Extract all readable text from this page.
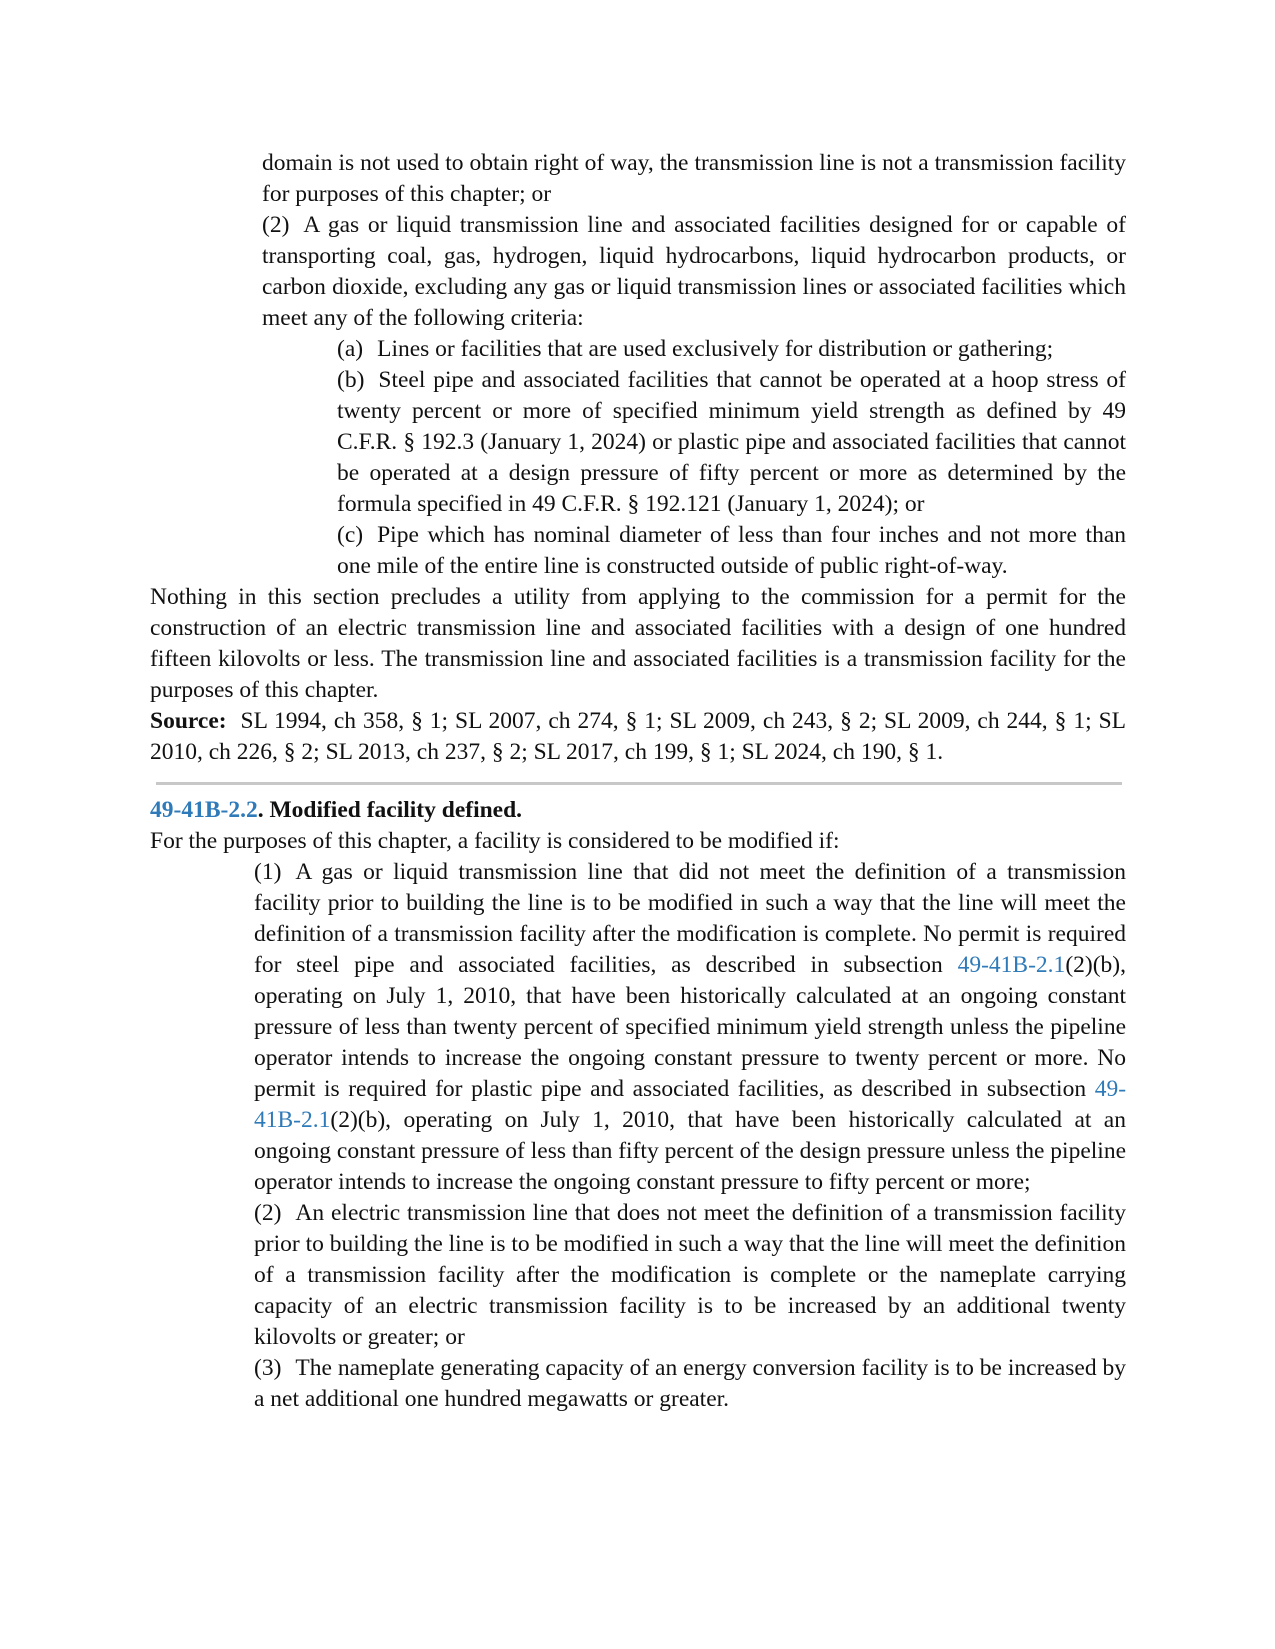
domain is not used to obtain right of way, the transmission line is not a transmission facility for purposes of this chapter; or

(2) A gas or liquid transmission line and associated facilities designed for or capable of transporting coal, gas, hydrogen, liquid hydrocarbons, liquid hydrocarbon products, or carbon dioxide, excluding any gas or liquid transmission lines or associated facilities which meet any of the following criteria:

(a) Lines or facilities that are used exclusively for distribution or gathering;

(b) Steel pipe and associated facilities that cannot be operated at a hoop stress of twenty percent or more of specified minimum yield strength as defined by 49 C.F.R. § 192.3 (January 1, 2024) or plastic pipe and associated facilities that cannot be operated at a design pressure of fifty percent or more as determined by the formula specified in 49 C.F.R. § 192.121 (January 1, 2024); or

(c) Pipe which has nominal diameter of less than four inches and not more than one mile of the entire line is constructed outside of public right-of-way.

Nothing in this section precludes a utility from applying to the commission for a permit for the construction of an electric transmission line and associated facilities with a design of one hundred fifteen kilovolts or less. The transmission line and associated facilities is a transmission facility for the purposes of this chapter.

Source: SL 1994, ch 358, § 1; SL 2007, ch 274, § 1; SL 2009, ch 243, § 2; SL 2009, ch 244, § 1; SL 2010, ch 226, § 2; SL 2013, ch 237, § 2; SL 2017, ch 199, § 1; SL 2024, ch 190, § 1.

49-41B-2.2. Modified facility defined.

For the purposes of this chapter, a facility is considered to be modified if:

(1) A gas or liquid transmission line that did not meet the definition of a transmission facility prior to building the line is to be modified in such a way that the line will meet the definition of a transmission facility after the modification is complete. No permit is required for steel pipe and associated facilities, as described in subsection 49-41B-2.1(2)(b), operating on July 1, 2010, that have been historically calculated at an ongoing constant pressure of less than twenty percent of specified minimum yield strength unless the pipeline operator intends to increase the ongoing constant pressure to twenty percent or more. No permit is required for plastic pipe and associated facilities, as described in subsection 49-41B-2.1(2)(b), operating on July 1, 2010, that have been historically calculated at an ongoing constant pressure of less than fifty percent of the design pressure unless the pipeline operator intends to increase the ongoing constant pressure to fifty percent or more;

(2) An electric transmission line that does not meet the definition of a transmission facility prior to building the line is to be modified in such a way that the line will meet the definition of a transmission facility after the modification is complete or the nameplate carrying capacity of an electric transmission facility is to be increased by an additional twenty kilovolts or greater; or

(3) The nameplate generating capacity of an energy conversion facility is to be increased by a net additional one hundred megawatts or greater.
